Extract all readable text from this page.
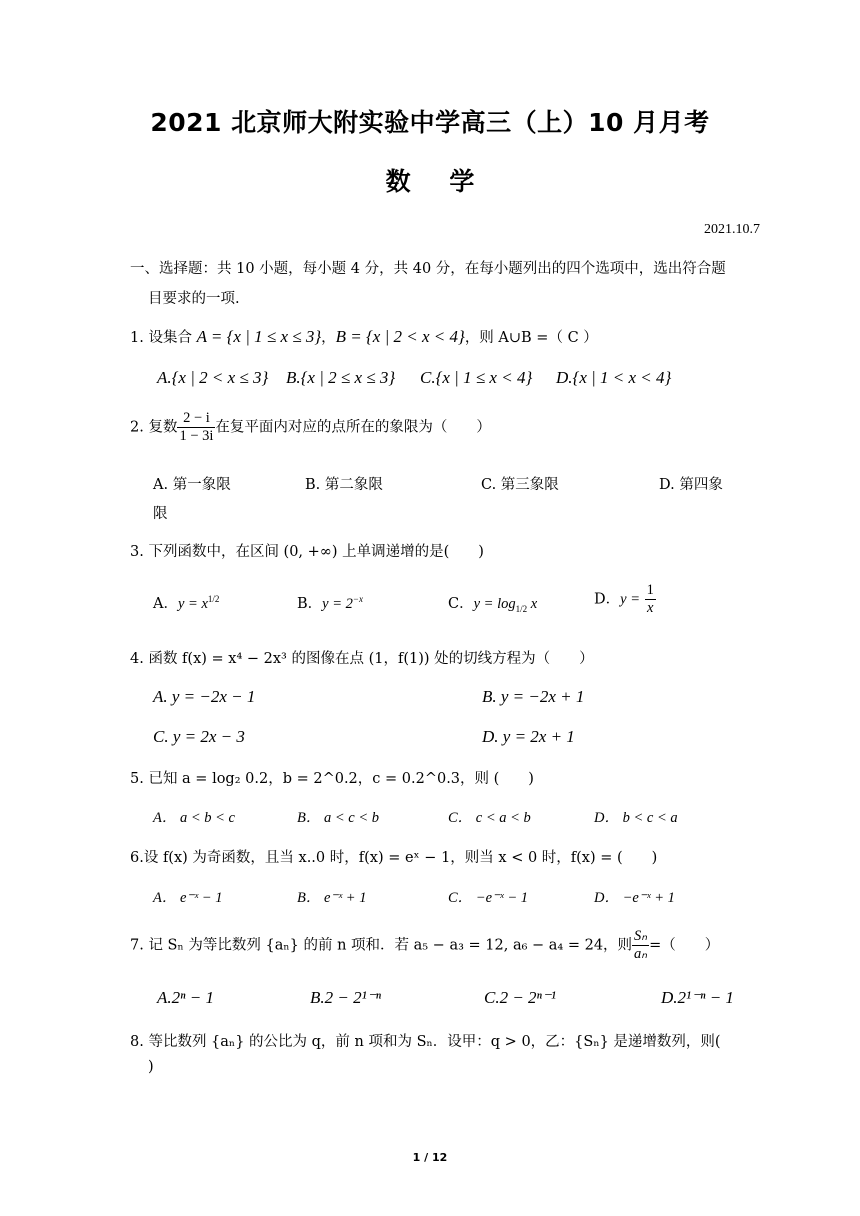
2021 北京师大附实验中学高三（上）10 月月考
数 学
2021.10.7
一、选择题：共 10 小题，每小题 4 分，共 40 分，在每小题列出的四个选项中，选出符合题
目要求的一项.
1. 设集合 A = {x | 1 ≤ x ≤ 3}，B = {x | 2 < x < 4}，则 A∪B =（ C ）
A.{x | 2 < x ≤ 3} B.{x | 2 ≤ x ≤ 3} C.{x | 1 ≤ x < 4} D.{x | 1 < x < 4}
2. 复数 $\frac{2 - i}{1 - 3i}$ 在复平面内对应的点所在的象限为（　　）
A. 第一象限	B. 第二象限	C. 第三象限	D. 第四象
限
3. 下列函数中，在区间 (0, +∞) 上单调递增的是(　　)
A．$y = x^{1/2}$	B．$y = 2^{-x}$	C．$y = \log_{1/2} x$	D．$y = \frac{1}{x}$
4. 函数 f(x) = x⁴ − 2x³ 的图像在点 (1，f(1)) 处的切线方程为（　　）
A. y = −2x − 1	B. y = −2x + 1
C. y = 2x − 3	D. y = 2x + 1
5. 已知 a = log₂ 0.2，b = 2^0.2，c = 0.2^0.3，则 (　　)
A． a < b < c	B． a < c < b	C． c < a < b	D． b < c < a
6.设 f(x) 为奇函数，且当 x..0 时，f(x) = eˣ − 1，则当 x < 0 时，f(x) = (　　)
A． e⁻ˣ − 1	B． e⁻ˣ + 1	C． −e⁻ˣ − 1	D． −e⁻ˣ + 1
7. 记 Sₙ 为等比数列 {aₙ} 的前 n 项和．若 a₅ − a₃ = 12, a₆ − a₄ = 24，则 $\frac{\text{Sₙ}}{\text{aₙ}}$ =（　　）
A.2ⁿ − 1	B.2 − 2¹⁻ⁿ	C.2 − 2ⁿ⁻¹	D.2¹⁻ⁿ − 1
8. 等比数列 {aₙ} 的公比为 q，前 n 项和为 Sₙ．设甲：q > 0，乙：{Sₙ} 是递增数列，则(
)
1 / 12
